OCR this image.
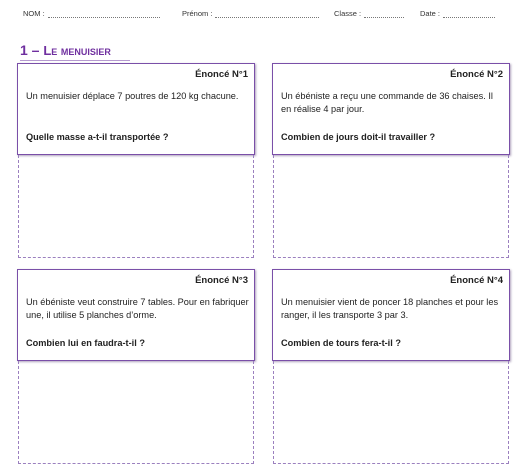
NOM :	Prénom :	Classe :	Date :
1 – Le menuisier
Énoncé N°1
Un menuisier déplace 7 poutres de 120 kg chacune.
Quelle masse a-t-il transportée ?
Énoncé N°2
Un ébéniste a reçu une commande de 36 chaises. Il en réalise 4 par jour.
Combien de jours doit-il travailler ?
Énoncé N°3
Un ébéniste veut construire 7 tables. Pour en fabriquer une, il utilise 5 planches d’orme.
Combien lui en faudra-t-il ?
Énoncé N°4
Un menuisier vient de poncer 18 planches et pour les ranger, il les transporte 3 par 3.
Combien de tours fera-t-il ?
